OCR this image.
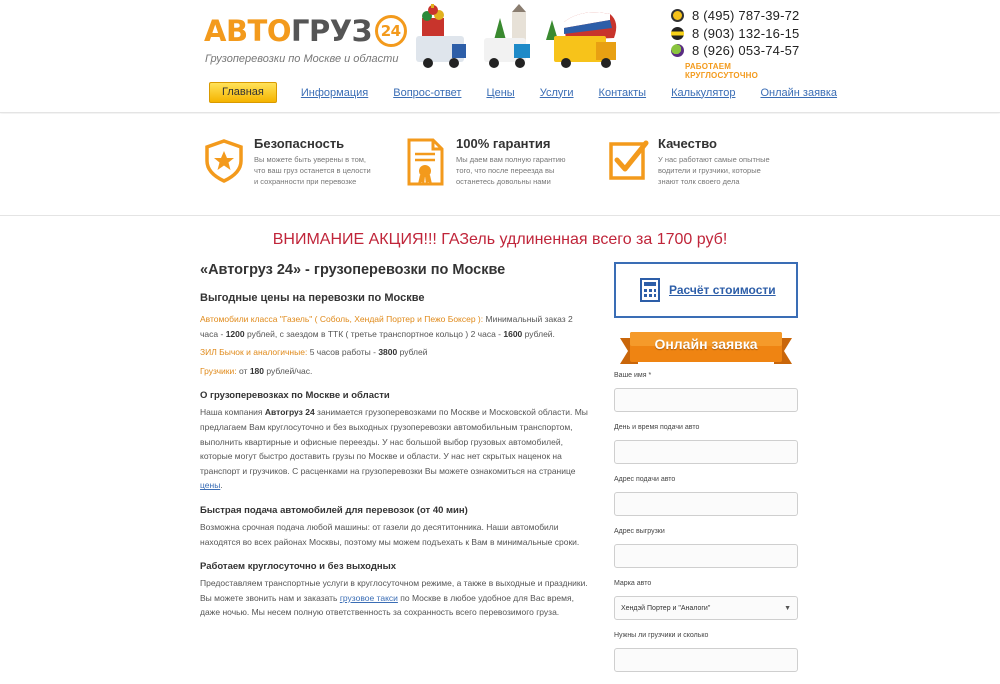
АВТО ГРУЗ 24
Грузоперевозки по Москве и области
8 (495) 787-39-72
8 (903) 132-16-15
8 (926) 053-74-57
РАБОТАЕМ КРУГЛОСУТОЧНО
Главная	Информация Вопрос-ответ Цены Услуги Контакты Калькулятор Онлайн заявка
Безопасность
Вы можете быть уверены в том, что ваш груз останется в целости и сохранности при перевозке
100% гарантия
Мы даем вам полную гарантию того, что после переезда вы останетесь довольны нами
Качество
У нас работают самые опытные водители и грузчики, которые знают толк своего дела
ВНИМАНИЕ АКЦИЯ!!! ГАЗель удлиненная всего за 1700 руб!
«Автогруз 24» - грузоперевозки по Москве
Выгодные цены на перевозки по Москве

Автомобили класса "Газель" ( Соболь, Хендай Портер и Пежо Боксер ): Минимальный заказ 2 часа - 1200 рублей, с заездом в ТТК ( третье транспортное кольцо ) 2 часа - 1600 рублей.

ЗИЛ Бычок и аналогичные: 5 часов работы - 3800 рублей

Грузчики: от 180 рублей/час.

О грузоперевозках по Москве и области

Наша компания Автогруз 24 занимается грузоперевозками по Москве и Московской области. Мы предлагаем Вам круглосуточно и без выходных грузоперевозки автомобильным транспортом, выполнить квартирные и офисные переезды. У нас большой выбор грузовых автомобилей, которые могут быстро доставить грузы по Москве и области. У нас нет скрытых наценок на транспорт и грузчиков. С расценками на грузоперевозки Вы можете ознакомиться на странице цены.

Быстрая подача автомобилей для перевозок (от 40 мин)

Возможна срочная подача любой машины: от газели до десятитонника. Наши автомобили находятся во всех районах Москвы, поэтому мы можем подъехать к Вам в минимальные сроки.

Работаем круглосуточно и без выходных

Предоставляем транспортные услуги в круглосуточном режиме, а также в выходные и праздники. Вы можете звонить нам и заказать грузовое такси по Москве в любое удобное для Вас время, даже ночью. Мы несем полную ответственность за сохранность всего перевозимого груза.

Расчёт стоимости
Онлайн заявка
Ваше имя *
День и время подачи авто
Адрес подачи авто
Адрес выгрузки
Марка авто
Хендэй Портер и "Аналоги"	▼
Нужны ли грузчики и сколько
